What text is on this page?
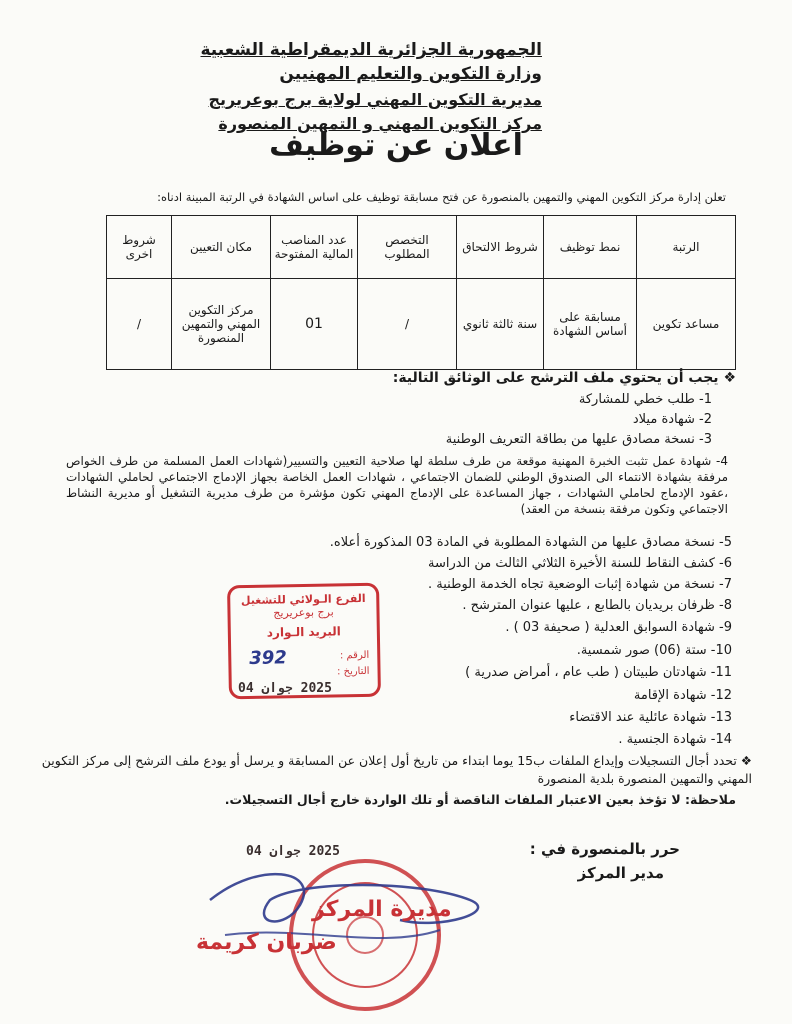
الجمهورية الجزائرية الديمقراطية الشعبية
وزارة التكوين والتعليم المهنيين
مديرية التكوين المهني لولاية برج بوعريريج
مركز التكوين المهني و التمهين المنصورة
اعلان عن توظيف
تعلن إدارة مركز التكوين المهني والتمهين بالمنصورة عن فتح مسابقة توظيف على اساس الشهادة في الرتبة المبينة ادناه:
الرتبة	نمط توظيف	شروط الالتحاق	التخصص المطلوب	عدد المناصب المالية المفتوحة	مكان التعيين	شروط اخرى
مساعد تكوين	مسابقة على أساس الشهادة	سنة ثالثة ثانوي	/	01	مركز التكوين المهني والتمهين المنصورة	/
❖ يجب أن يحتوي ملف الترشح على الوثائق التالية:
1- طلب خطي للمشاركة
2- شهادة ميلاد
3- نسخة مصادق عليها من بطاقة التعريف الوطنية
4- شهادة عمل تثبت الخبرة المهنية موقعة من طرف سلطة لها صلاحية التعيين والتسيير(شهادات العمل المسلمة من طرف الخواص مرفقة بشهادة الانتماء الى الصندوق الوطني للضمان الاجتماعي ، شهادات العمل الخاصة بجهاز الإدماج الاجتماعي لحاملي الشهادات ،عقود الإدماج لحاملي الشهادات ، جهاز المساعدة على الإدماج المهني تكون مؤشرة من طرف مديرية التشغيل أو مديرية النشاط الاجتماعي وتكون مرفقة بنسخة من العقد)
5- نسخة مصادق عليها من الشهادة المطلوبة في المادة 03 المذكورة أعلاه.
6- كشف النقاط للسنة الأخيرة الثلاثي الثالث من الدراسة
7- نسخة من شهادة إثبات الوضعية تجاه الخدمة الوطنية .
8- ظرفان بريديان بالطابع ، عليها عنوان المترشح .
9- شهادة السوابق العدلية ( صحيفة 03 ) .
10- ستة (06) صور شمسية.
11- شهادتان طبيتان ( طب عام ، أمراض صدرية )
12- شهادة الإقامة
13- شهادة عائلية عند الاقتضاء
14- شهادة الجنسية .
❖ تحدد أجال التسجيلات وإيداع الملفات ب15 يوما ابتداء من تاريخ أول إعلان عن المسابقة و يرسل أو يودع ملف الترشح إلى مركز التكوين المهني والتمهين المنصورة بلدية المنصورة
ملاحظة: لا تؤخذ بعين الاعتبار الملفات الناقصة أو تلك الواردة خارج أجال التسجيلات.
الفرع الـولائي للتشغيل
برج بوعريريج
البريد الـوارد
الرقم :
التاريخ :
392
2025 جوان 04
حرر بالمنصورة في :
2025 جوان 04
مدير المركز
مديرة المركز
ضربان كريمة
